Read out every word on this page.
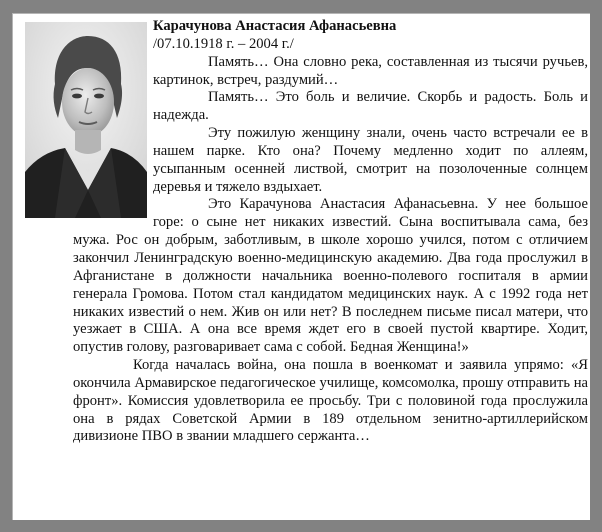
Карачунова Анастасия Афанасьевна
/07.10.1918 г. – 2004 г./

Память… Она словно река, составленная из тысячи ручьев, картинок, встреч, раздумий…

Память… Это боль и величие. Скорбь и радость. Боль и надежда.

Эту пожилую женщину знали, очень часто встречали ее в нашем парке. Кто она? Почему медленно ходит по аллеям, усыпанным осенней листвой, смотрит на позолоченные солнцем деревья и тяжело вздыхает.

Это Карачунова Анастасия Афанасьевна. У нее большое горе: о сыне нет никаких известий. Сына воспитывала сама, без мужа. Рос он добрым, заботливым, в школе хорошо учился, потом с отличием закончил Ленинградскую военно-медицинскую академию. Два года прослужил в Афганистане в должности начальника военно-полевого госпиталя в армии генерала Громова. Потом стал кандидатом медицинских наук. А с 1992 года нет никаких известий о нем. Жив он или нет? В последнем письме писал матери, что уезжает в США. А она все время ждет его в своей пустой квартире. Ходит, опустив голову, разговаривает сама с собой. Бедная Женщина!»

Когда началась война, она пошла в военкомат и заявила упрямо: «Я окончила Армавирское педагогическое училище, комсомолка, прошу отправить на фронт». Комиссия удовлетворила ее просьбу. Три с половиной года прослужила она в рядах Советской Армии в 189 отдельном зенитно-артиллерийском дивизионе ПВО в звании младшего сержанта…
